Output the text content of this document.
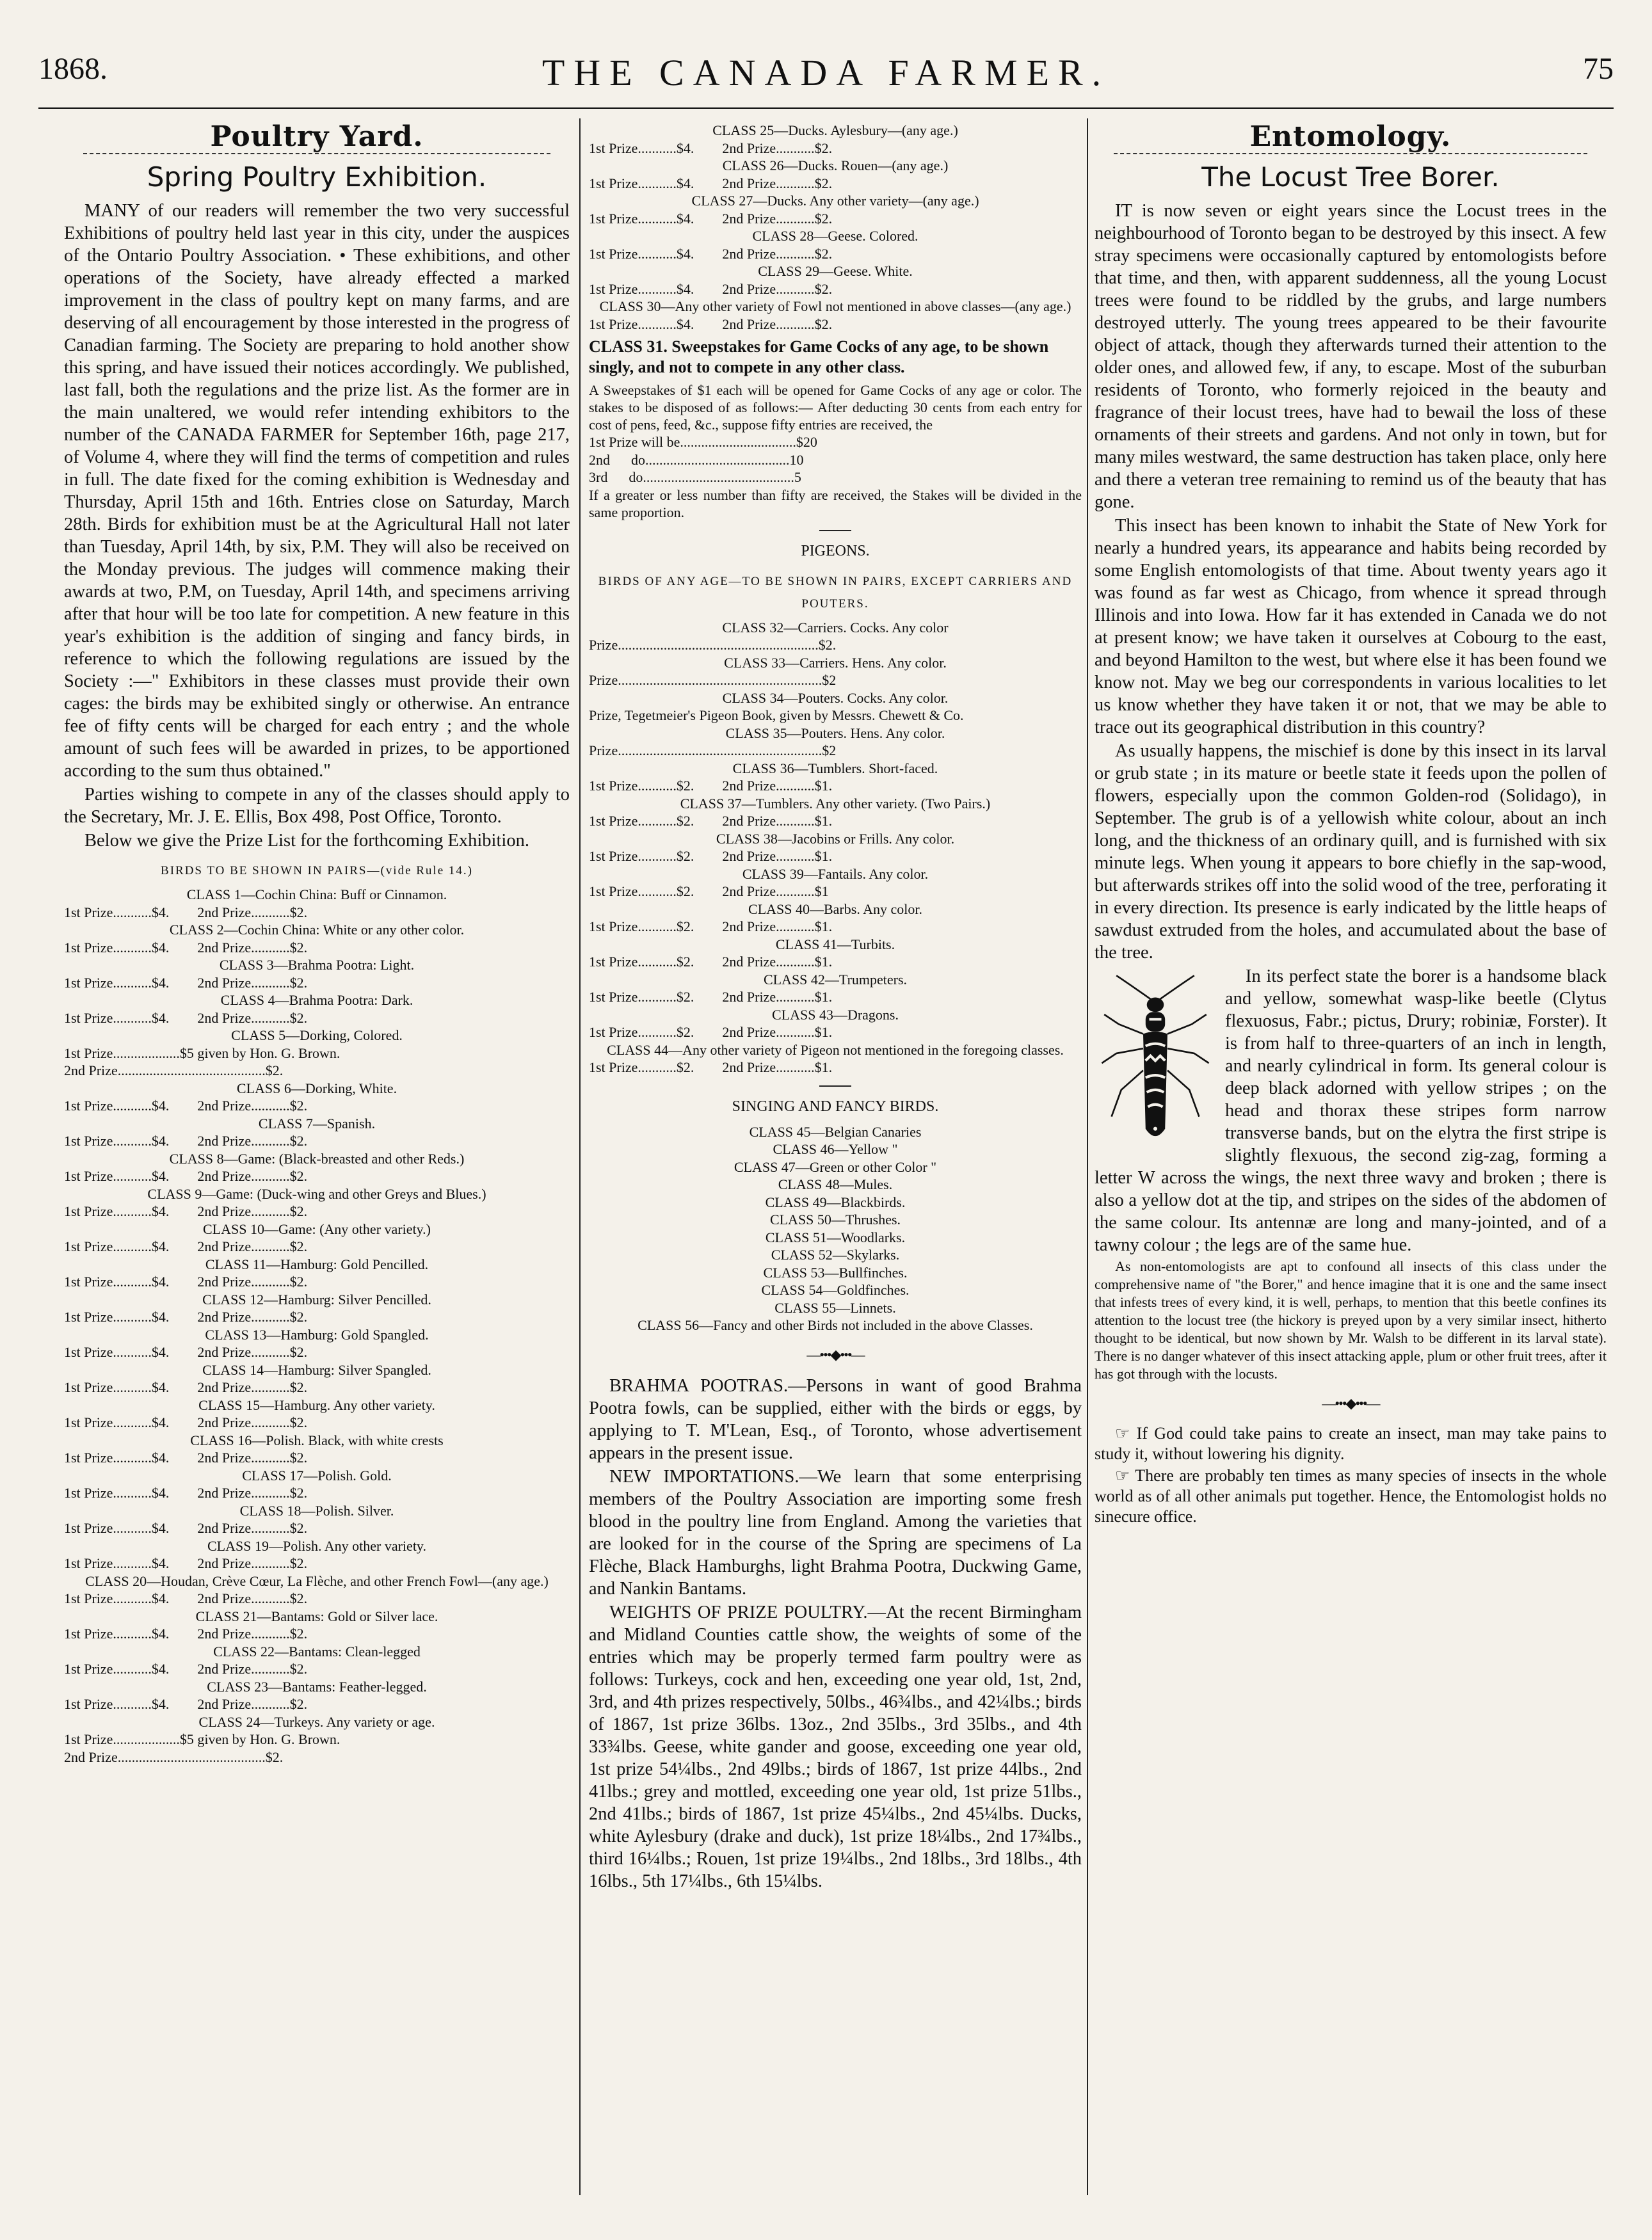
1868.	THE CANADA FARMER.	75
Poultry Yard.
Spring Poultry Exhibition.

MANY of our readers will remember the two very successful Exhibitions of poultry held last year in this city, under the auspices of the Ontario Poultry Association. • These exhibitions, and other operations of the Society, have already effected a marked improvement in the class of poultry kept on many farms, and are deserving of all encouragement by those interested in the progress of Canadian farming. The Society are preparing to hold another show this spring, and have issued their notices accordingly. We published, last fall, both the regulations and the prize list. As the former are in the main unaltered, we would refer intending exhibitors to the number of the CANADA FARMER for September 16th, page 217, of Volume 4, where they will find the terms of competition and rules in full. The date fixed for the coming exhibition is Wednesday and Thursday, April 15th and 16th. Entries close on Saturday, March 28th. Birds for exhibition must be at the Agricultural Hall not later than Tuesday, April 14th, by six, P.M. They will also be received on the Monday previous. The judges will commence making their awards at two, P.M, on Tuesday, April 14th, and specimens arriving after that hour will be too late for competition. A new feature in this year's exhibition is the addition of singing and fancy birds, in reference to which the following regulations are issued by the Society :—" Exhibitors in these classes must provide their own cages: the birds may be exhibited singly or otherwise. An entrance fee of fifty cents will be charged for each entry ; and the whole amount of such fees will be awarded in prizes, to be apportioned according to the sum thus obtained."

Parties wishing to compete in any of the classes should apply to the Secretary, Mr. J. E. Ellis, Box 498, Post Office, Toronto.

Below we give the Prize List for the forthcoming Exhibition.

BIRDS TO BE SHOWN IN PAIRS—(vide Rule 14.)
CLASS 1—Cochin China: Buff or Cinnamon.
1st Prize...........$4.        2nd Prize...........$2.
CLASS 2—Cochin China: White or any other color.
1st Prize...........$4.        2nd Prize...........$2.
CLASS 3—Brahma Pootra: Light.
1st Prize...........$4.        2nd Prize...........$2.
CLASS 4—Brahma Pootra: Dark.
1st Prize...........$4.        2nd Prize...........$2.
CLASS 5—Dorking, Colored.
1st Prize...................$5 given by Hon. G. Brown.
2nd Prize..........................................$2.
CLASS 6—Dorking, White.
1st Prize...........$4.        2nd Prize...........$2.
CLASS 7—Spanish.
1st Prize...........$4.        2nd Prize...........$2.
CLASS 8—Game: (Black-breasted and other Reds.)
1st Prize...........$4.        2nd Prize...........$2.
CLASS 9—Game: (Duck-wing and other Greys and Blues.)
1st Prize...........$4.        2nd Prize...........$2.
CLASS 10—Game: (Any other variety.)
1st Prize...........$4.        2nd Prize...........$2.
CLASS 11—Hamburg: Gold Pencilled.
1st Prize...........$4.        2nd Prize...........$2.
CLASS 12—Hamburg: Silver Pencilled.
1st Prize...........$4.        2nd Prize...........$2.
CLASS 13—Hamburg: Gold Spangled.
1st Prize...........$4.        2nd Prize...........$2.
CLASS 14—Hamburg: Silver Spangled.
1st Prize...........$4.        2nd Prize...........$2.
CLASS 15—Hamburg. Any other variety.
1st Prize...........$4.        2nd Prize...........$2.
CLASS 16—Polish. Black, with white crests
1st Prize...........$4.        2nd Prize...........$2.
CLASS 17—Polish. Gold.
1st Prize...........$4.        2nd Prize...........$2.
CLASS 18—Polish. Silver.
1st Prize...........$4.        2nd Prize...........$2.
CLASS 19—Polish. Any other variety.
1st Prize...........$4.        2nd Prize...........$2.
CLASS 20—Houdan, Crève Cœur, La Flèche, and other French Fowl—(any age.)
1st Prize...........$4.        2nd Prize...........$2.
CLASS 21—Bantams: Gold or Silver lace.
1st Prize...........$4.        2nd Prize...........$2.
CLASS 22—Bantams: Clean-legged
1st Prize...........$4.        2nd Prize...........$2.
CLASS 23—Bantams: Feather-legged.
1st Prize...........$4.        2nd Prize...........$2.
CLASS 24—Turkeys. Any variety or age.
1st Prize...................$5 given by Hon. G. Brown.
2nd Prize..........................................$2.
CLASS 25—Ducks. Aylesbury—(any age.)
1st Prize...........$4.        2nd Prize...........$2.
CLASS 26—Ducks. Rouen—(any age.)
1st Prize...........$4.        2nd Prize...........$2.
CLASS 27—Ducks. Any other variety—(any age.)
1st Prize...........$4.        2nd Prize...........$2.
CLASS 28—Geese. Colored.
1st Prize...........$4.        2nd Prize...........$2.
CLASS 29—Geese. White.
1st Prize...........$4.        2nd Prize...........$2.
CLASS 30—Any other variety of Fowl not mentioned in above classes—(any age.)
1st Prize...........$4.        2nd Prize...........$2.
CLASS 31. Sweepstakes for Game Cocks of any age, to be shown singly, and not to compete in any other class.
A Sweepstakes of $1 each will be opened for Game Cocks of any age or color. The stakes to be disposed of as follows:— After deducting 30 cents from each entry for cost of pens, feed, &c., suppose fifty entries are received, the
1st Prize will be.................................$20
2nd      do.........................................10
3rd      do...........................................5
If a greater or less number than fifty are received, the Stakes will be divided in the same proportion.
PIGEONS.
BIRDS OF ANY AGE—TO BE SHOWN IN PAIRS, EXCEPT CARRIERS AND POUTERS.
CLASS 32—Carriers. Cocks. Any color
Prize.........................................................$2.
CLASS 33—Carriers. Hens. Any color.
Prize..........................................................$2
CLASS 34—Pouters. Cocks. Any color.
Prize, Tegetmeier's Pigeon Book, given by Messrs. Chewett & Co.
CLASS 35—Pouters. Hens. Any color.
Prize..........................................................$2
CLASS 36—Tumblers. Short-faced.
1st Prize...........$2.        2nd Prize...........$1.
CLASS 37—Tumblers. Any other variety. (Two Pairs.)
1st Prize...........$2.        2nd Prize...........$1.
CLASS 38—Jacobins or Frills. Any color.
1st Prize...........$2.        2nd Prize...........$1.
CLASS 39—Fantails. Any color.
1st Prize...........$2.        2nd Prize...........$1
CLASS 40—Barbs. Any color.
1st Prize...........$2.        2nd Prize...........$1.
CLASS 41—Turbits.
1st Prize...........$2.        2nd Prize...........$1.
CLASS 42—Trumpeters.
1st Prize...........$2.        2nd Prize...........$1.
CLASS 43—Dragons.
1st Prize...........$2.        2nd Prize...........$1.
CLASS 44—Any other variety of Pigeon not mentioned in the foregoing classes.
1st Prize...........$2.        2nd Prize...........$1.
SINGING AND FANCY BIRDS.
CLASS 45—Belgian Canaries
CLASS 46—Yellow "
CLASS 47—Green or other Color "
CLASS 48—Mules.
CLASS 49—Blackbirds.
CLASS 50—Thrushes.
CLASS 51—Woodlarks.
CLASS 52—Skylarks.
CLASS 53—Bullfinches.
CLASS 54—Goldfinches.
CLASS 55—Linnets.
CLASS 56—Fancy and other Birds not included in the above Classes.
—•••◆•••—

BRAHMA POOTRAS.—Persons in want of good Brahma Pootra fowls, can be supplied, either with the birds or eggs, by applying to T. M'Lean, Esq., of Toronto, whose advertisement appears in the present issue.

NEW IMPORTATIONS.—We learn that some enterprising members of the Poultry Association are importing some fresh blood in the poultry line from England. Among the varieties that are looked for in the course of the Spring are specimens of La Flèche, Black Hamburghs, light Brahma Pootra, Duckwing Game, and Nankin Bantams.

WEIGHTS OF PRIZE POULTRY.—At the recent Birmingham and Midland Counties cattle show, the weights of some of the entries which may be properly termed farm poultry were as follows: Turkeys, cock and hen, exceeding one year old, 1st, 2nd, 3rd, and 4th prizes respectively, 50lbs., 46¾lbs., and 42¼lbs.; birds of 1867, 1st prize 36lbs. 13oz., 2nd 35lbs., 3rd 35lbs., and 4th 33¾lbs. Geese, white gander and goose, exceeding one year old, 1st prize 54¼lbs., 2nd 49lbs.; birds of 1867, 1st prize 44lbs., 2nd 41lbs.; grey and mottled, exceeding one year old, 1st prize 51lbs., 2nd 41lbs.; birds of 1867, 1st prize 45¼lbs., 2nd 45¼lbs. Ducks, white Aylesbury (drake and duck), 1st prize 18¼lbs., 2nd 17¾lbs., third 16¼lbs.; Rouen, 1st prize 19¼lbs., 2nd 18lbs., 3rd 18lbs., 4th 16lbs., 5th 17¼lbs., 6th 15¼lbs.

Entomology.
The Locust Tree Borer.

IT is now seven or eight years since the Locust trees in the neighbourhood of Toronto began to be destroyed by this insect. A few stray specimens were occasionally captured by entomologists before that time, and then, with apparent suddenness, all the young Locust trees were found to be riddled by the grubs, and large numbers destroyed utterly. The young trees appeared to be their favourite object of attack, though they afterwards turned their attention to the older ones, and allowed few, if any, to escape. Most of the suburban residents of Toronto, who formerly rejoiced in the beauty and fragrance of their locust trees, have had to bewail the loss of these ornaments of their streets and gardens. And not only in town, but for many miles westward, the same destruction has taken place, only here and there a veteran tree remaining to remind us of the beauty that has gone.

This insect has been known to inhabit the State of New York for nearly a hundred years, its appearance and habits being recorded by some English entomologists of that time. About twenty years ago it was found as far west as Chicago, from whence it spread through Illinois and into Iowa. How far it has extended in Canada we do not at present know; we have taken it ourselves at Cobourg to the east, and beyond Hamilton to the west, but where else it has been found we know not. May we beg our correspondents in various localities to let us know whether they have taken it or not, that we may be able to trace out its geographical distribution in this country?

As usually happens, the mischief is done by this insect in its larval or grub state ; in its mature or beetle state it feeds upon the pollen of flowers, especially upon the common Golden-rod (Solidago), in September. The grub is of a yellowish white colour, about an inch long, and the thickness of an ordinary quill, and is furnished with six minute legs. When young it appears to bore chiefly in the sap-wood, but afterwards strikes off into the solid wood of the tree, perforating it in every direction. Its presence is early indicated by the little heaps of sawdust extruded from the holes, and accumulated about the base of the tree.

In its perfect state the borer is a handsome black and yellow, somewhat wasp-like beetle (Clytus flexuosus, Fabr.; pictus, Drury; robiniæ, Forster). It is from half to three-quarters of an inch in length, and nearly cylindrical in form. Its general colour is deep black adorned with yellow stripes ; on the head and thorax these stripes form narrow transverse bands, but on the elytra the first stripe is slightly flexuous, the second zig-zag, forming a letter W across the wings, the next three wavy and broken ; there is also a yellow dot at the tip, and stripes on the sides of the abdomen of the same colour. Its antennæ are long and many-jointed, and of a tawny colour ; the legs are of the same hue.

As non-entomologists are apt to confound all insects of this class under the comprehensive name of "the Borer," and hence imagine that it is one and the same insect that infests trees of every kind, it is well, perhaps, to mention that this beetle confines its attention to the locust tree (the hickory is preyed upon by a very similar insect, hitherto thought to be identical, but now shown by Mr. Walsh to be different in its larval state). There is no danger whatever of this insect attacking apple, plum or other fruit trees, after it has got through with the locusts.

—•••◆•••—

☞ If God could take pains to create an insect, man may take pains to study it, without lowering his dignity.

☞ There are probably ten times as many species of insects in the whole world as of all other animals put together. Hence, the Entomologist holds no sinecure office.
